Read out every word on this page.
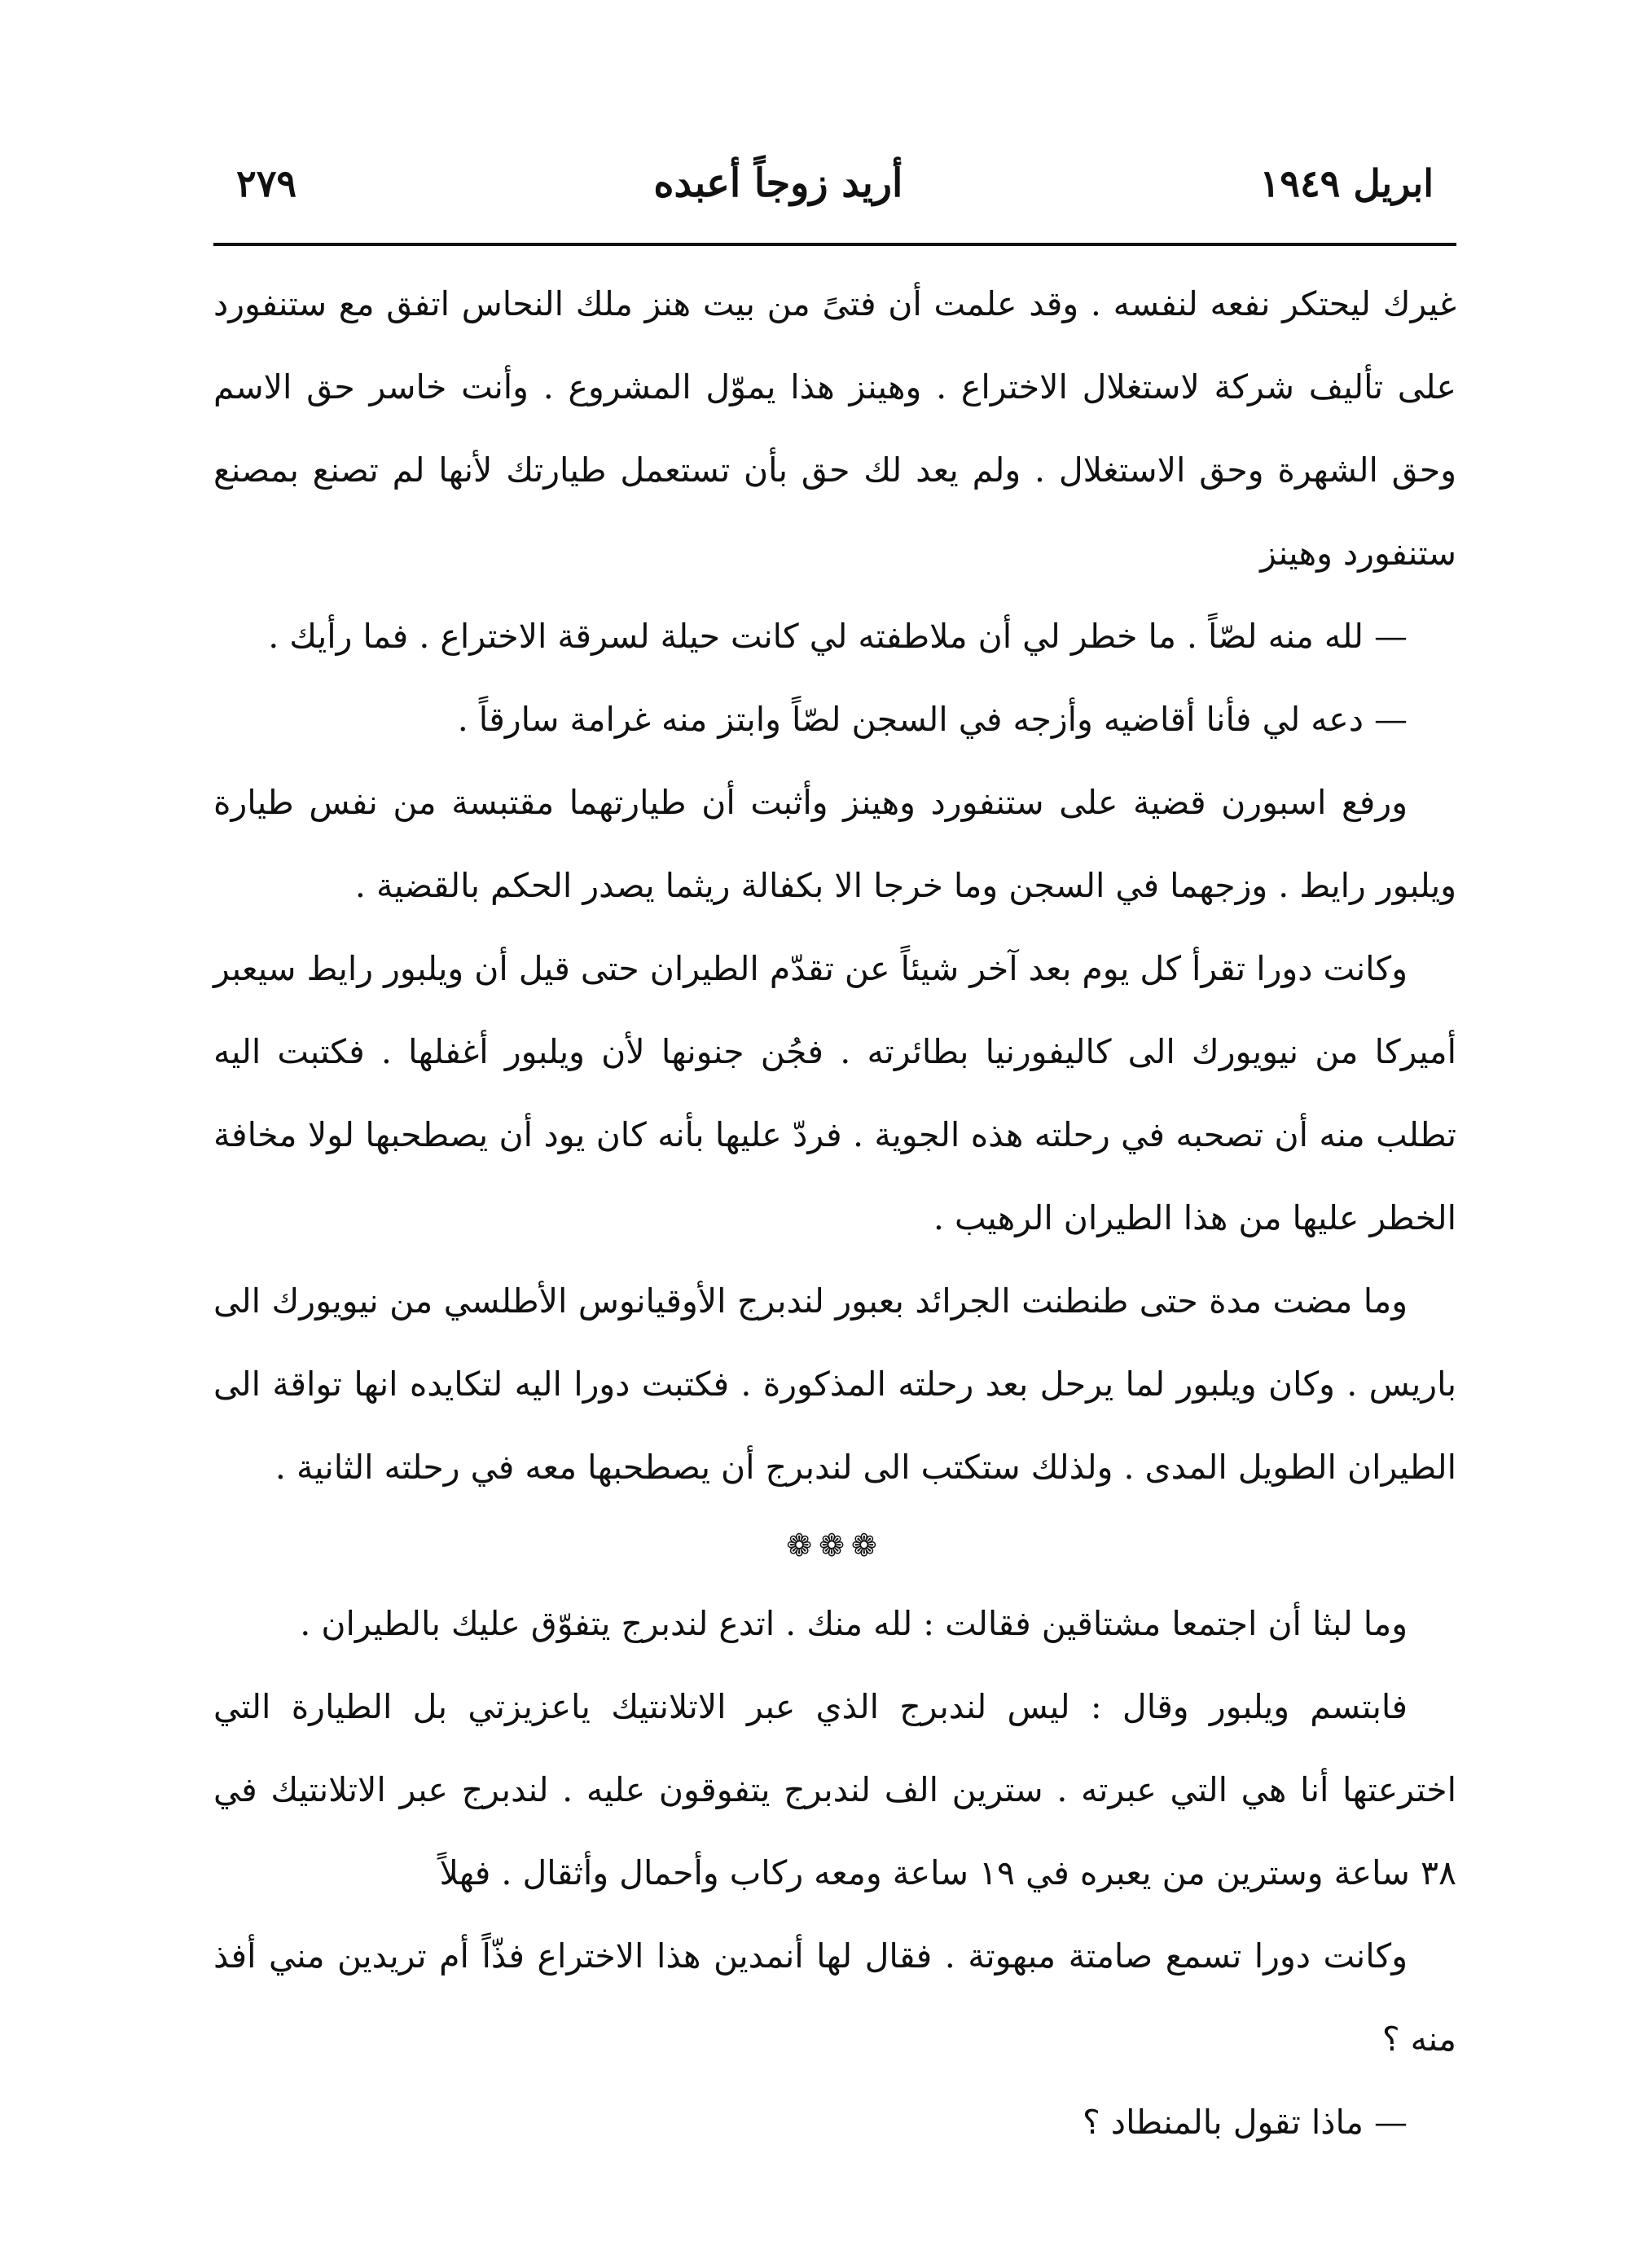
ابريل ١٩٤٩
أريد زوجاً أعبده
٢٧٩

غيرك ليحتكر نفعه لنفسه . وقد علمت أن فتىً من بيت هنز ملك النحاس اتفق مع ستنفورد على تأليف شركة لاستغلال الاختراع . وهينز هذا يموّل المشروع . وأنت خاسر حق الاسم وحق الشهرة وحق الاستغلال . ولم يعد لك حق بأن تستعمل طيارتك لأنها لم تصنع بمصنع ستنفورد وهينز

— لله منه لصّاً . ما خطر لي أن ملاطفته لي كانت حيلة لسرقة الاختراع . فما رأيك .

— دعه لي فأنا أقاضيه وأزجه في السجن لصّاً وابتز منه غرامة سارقاً .

ورفع اسبورن قضية على ستنفورد وهينز وأثبت أن طيارتهما مقتبسة من نفس طيارة ويلبور رايط . وزجهما في السجن وما خرجا الا بكفالة ريثما يصدر الحكم بالقضية .

وكانت دورا تقرأ كل يوم بعد آخر شيئاً عن تقدّم الطيران حتى قيل أن ويلبور رايط سيعبر أميركا من نيويورك الى كاليفورنيا بطائرته . فجُن جنونها لأن ويلبور أغفلها . فكتبت اليه تطلب منه أن تصحبه في رحلته هذه الجوية . فردّ عليها بأنه كان يود أن يصطحبها لولا مخافة الخطر عليها من هذا الطيران الرهيب .

وما مضت مدة حتى طنطنت الجرائد بعبور لندبرج الأوقيانوس الأطلسي من نيويورك الى باريس . وكان ويلبور لما يرحل بعد رحلته المذكورة . فكتبت دورا اليه لتكايده انها تواقة الى الطيران الطويل المدى . ولذلك ستكتب الى لندبرج أن يصطحبها معه في رحلته الثانية .

❁❁❁

وما لبثا أن اجتمعا مشتاقين فقالت : لله منك . اتدع لندبرج يتفوّق عليك بالطيران .

فابتسم ويلبور وقال : ليس لندبرج الذي عبر الاتلانتيك ياعزيزتي بل الطيارة التي اخترعتها أنا هي التي عبرته . سترين الف لندبرج يتفوقون عليه . لندبرج عبر الاتلانتيك في ٣٨ ساعة وسترين من يعبره في ١٩ ساعة ومعه ركاب وأحمال وأثقال . فهلاً

وكانت دورا تسمع صامتة مبهوتة . فقال لها أنمدين هذا الاختراع فذّاً أم تريدين مني أفذ منه ؟

— ماذا تقول بالمنطاد ؟
